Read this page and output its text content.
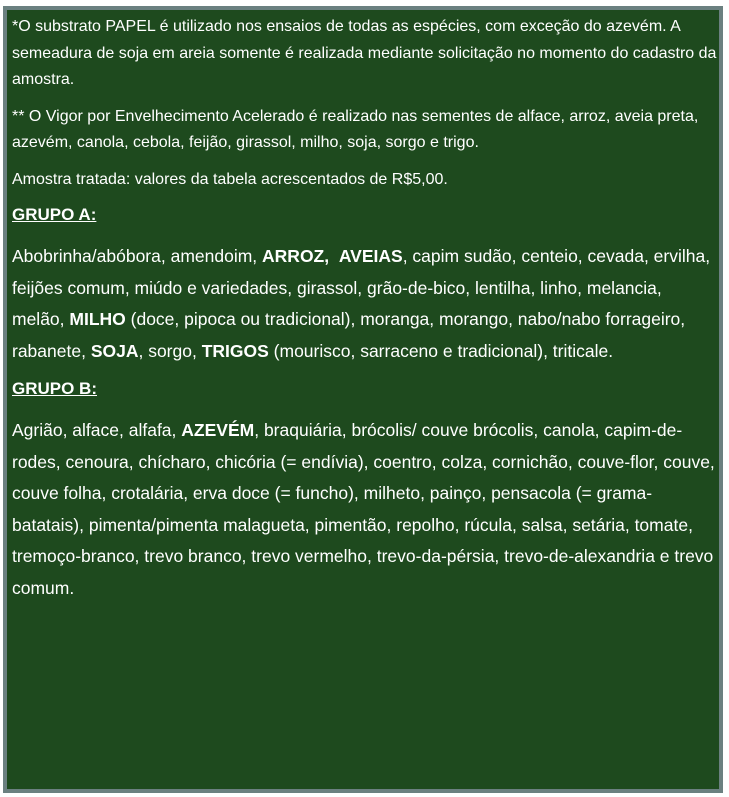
*O substrato PAPEL é utilizado nos ensaios de todas as espécies, com exceção do azevém. A semeadura de soja em areia somente é realizada mediante solicitação no momento do cadastro da amostra.

** O Vigor por Envelhecimento Acelerado é realizado nas sementes de alface, arroz, aveia preta, azevém, canola, cebola, feijão, girassol, milho, soja, sorgo e trigo.

Amostra tratada: valores da tabela acrescentados de R$5,00.

GRUPO A:

Abobrinha/abóbora, amendoim, ARROZ, AVEIAS, capim sudão, centeio, cevada, ervilha, feijões comum, miúdo e variedades, girassol, grão-de-bico, lentilha, linho, melancia, melão, MILHO (doce, pipoca ou tradicional), moranga, morango, nabo/nabo forrageiro, rabanete, SOJA, sorgo, TRIGOS (mourisco, sarraceno e tradicional), triticale.

GRUPO B:

Agrião, alface, alfafa, AZEVÉM, braquiária, brócolis/ couve brócolis, canola, capim-de-rodes, cenoura, chícharo, chicória (= endívia), coentro, colza, cornichão, couve-flor, couve, couve folha, crotalária, erva doce (= funcho), milheto, painço, pensacola (= grama-batatais), pimenta/pimenta malagueta, pimentão, repolho, rúcula, salsa, setária, tomate, tremoço-branco, trevo branco, trevo vermelho, trevo-da-pérsia, trevo-de-alexandria e trevo comum.
